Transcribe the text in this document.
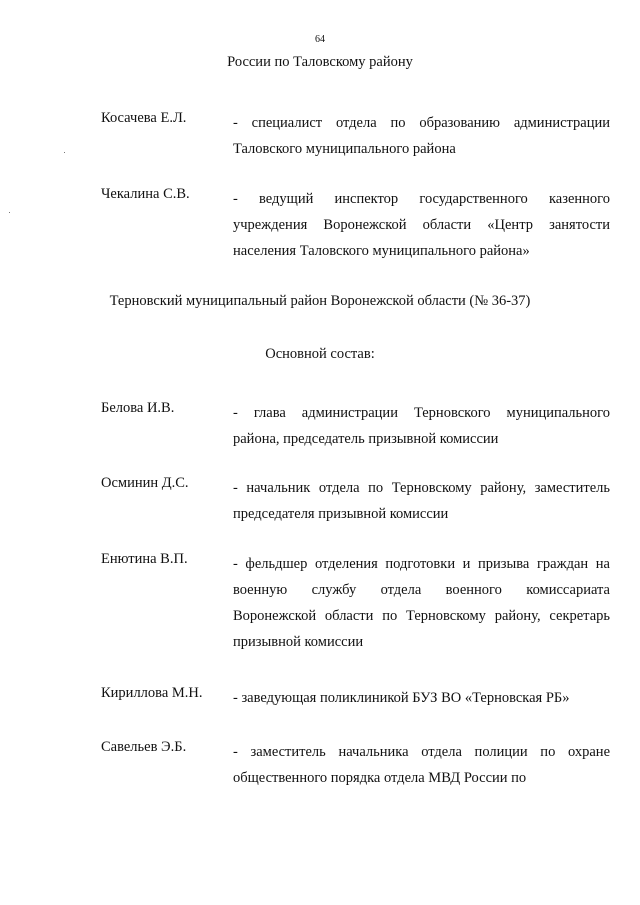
64
России по Таловскому району
Косачева Е.Л.	- специалист отдела по образованию администрации Таловского муниципального района
Чекалина С.В.	- ведущий инспектор государственного казенного учреждения Воронежской области «Центр занятости населения Таловского муниципального района»
Терновский муниципальный район Воронежской области (№ 36-37)
Основной состав:
Белова И.В.	- глава администрации Терновского муниципального района, председатель призывной комиссии
Осминин Д.С.	- начальник отдела по Терновскому району, заместитель председателя призывной комиссии
Енютина В.П.	- фельдшер отделения подготовки и призыва граждан на военную службу отдела военного комиссариата Воронежской области по Терновскому району, секретарь призывной комиссии
Кириллова М.Н. - заведующая поликлиникой БУЗ ВО «Терновская РБ»
Савельев Э.Б.	- заместитель начальника отдела полиции по охране общественного порядка отдела МВД России по
